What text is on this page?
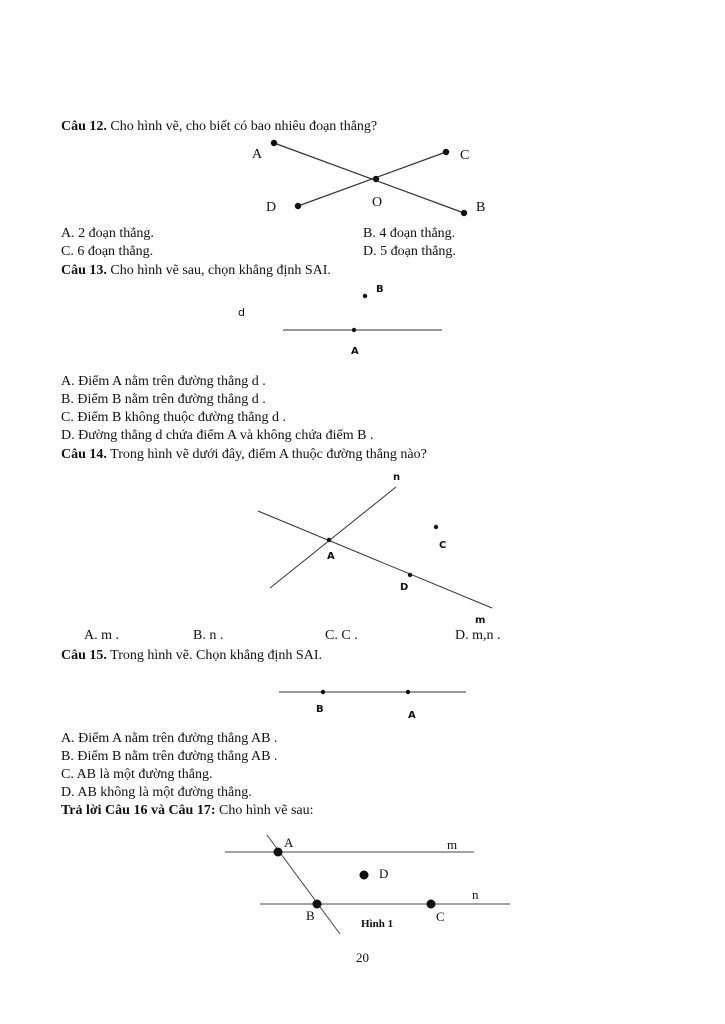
Câu 12. Cho hình vẽ, cho biết có bao nhiêu đoạn thẳng?
A	C
O
D	B
A. 2 đoạn thẳng.	B. 4 đoạn thẳng.
C. 6 đoạn thẳng.	D. 5 đoạn thẳng.
Câu 13. Cho hình vẽ sau, chọn khẳng định SAI.
B
d
A
A. Điểm A nằm trên đường thẳng d .
B. Điểm B nằm trên đường thẳng d .
C. Điểm B không thuộc đường thẳng d .
D. Đường thẳng d chứa điểm A và không chứa điểm B .
Câu 14. Trong hình vẽ dưới đây, điểm A thuộc đường thẳng nào?
n
C
A
D
m
A. m .	B. n .	C. C .	D. m,n .
Câu 15. Trong hình vẽ. Chọn khẳng định SAI.
B
A
A. Điểm A nằm trên đường thẳng AB .
B. Điểm B nằm trên đường thẳng AB .
C. AB là một đường thẳng.
D. AB không là một đường thẳng.
Trả lời Câu 16 và Câu 17: Cho hình vẽ sau:
A	m
D
n
B	C
Hình 1
20
